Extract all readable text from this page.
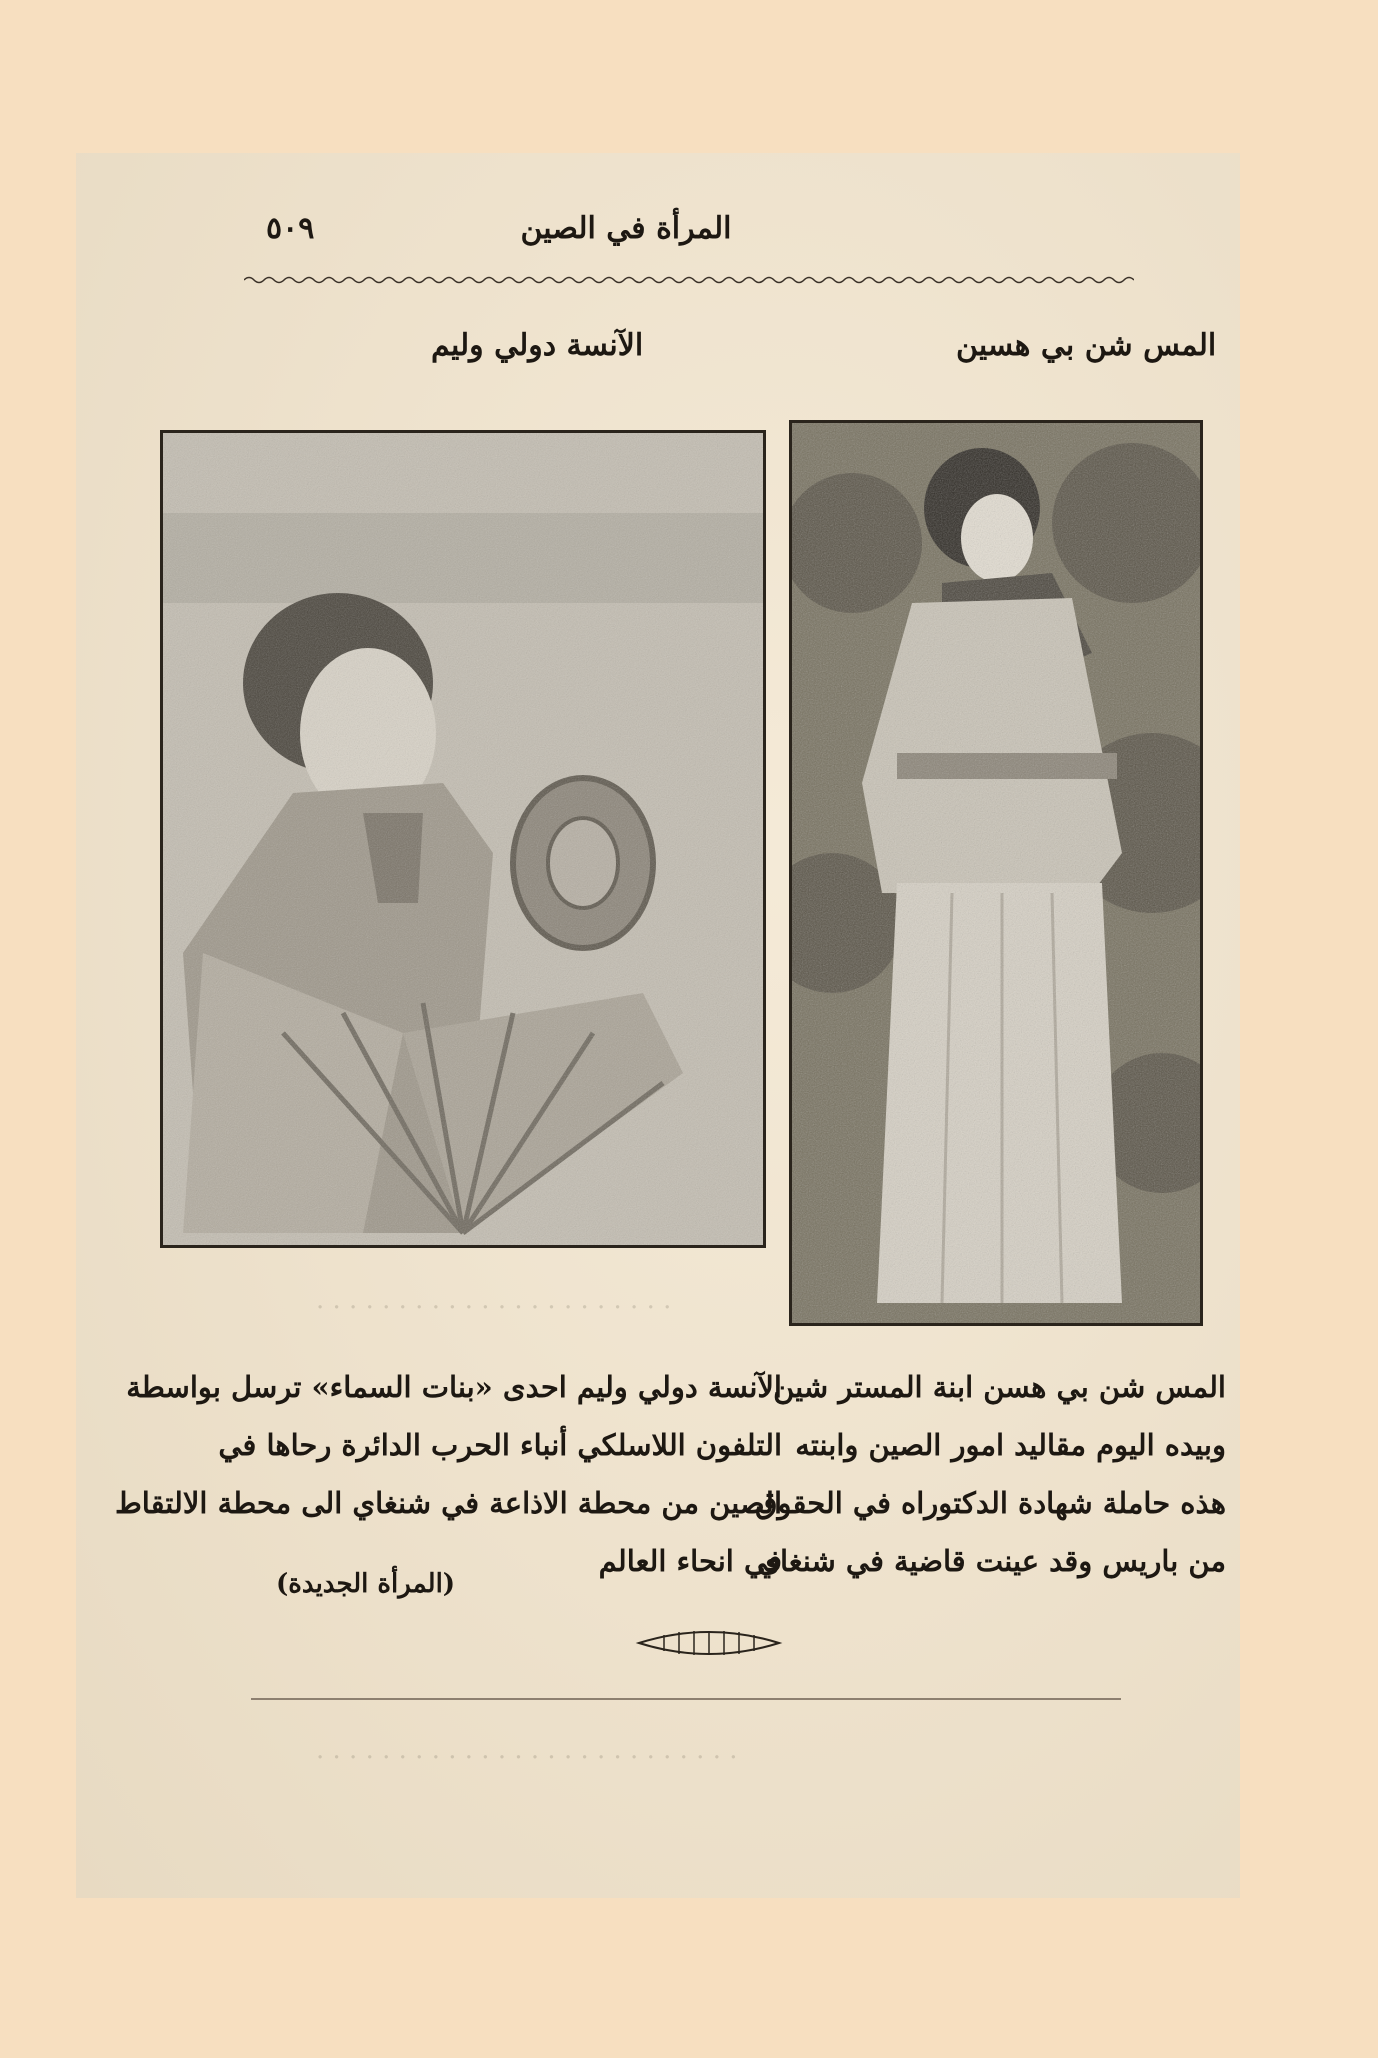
٥٠٩	المرأة في الصين
المس شن بي هسين
الآنسة دولي وليم
· · · · · · · · · · · · · · · · · · · · · ·
· · · · · · · · · · · · · · · · · · · · · · · · · ·

المس شن بي هسن ابنة المستر شين

وبيده اليوم مقاليد امور الصين وابنته

هذه حاملة شهادة الدكتوراه في الحقوق

من باريس وقد عينت قاضية في شنغاي

الآنسة دولي وليم احدى «بنات السماء» ترسل بواسطة

التلفون اللاسلكي أنباء الحرب الدائرة رحاها في

الصين من محطة الاذاعة في شنغاي الى محطة الالتقاط

في انحاء العالم

(المرأة الجديدة)
